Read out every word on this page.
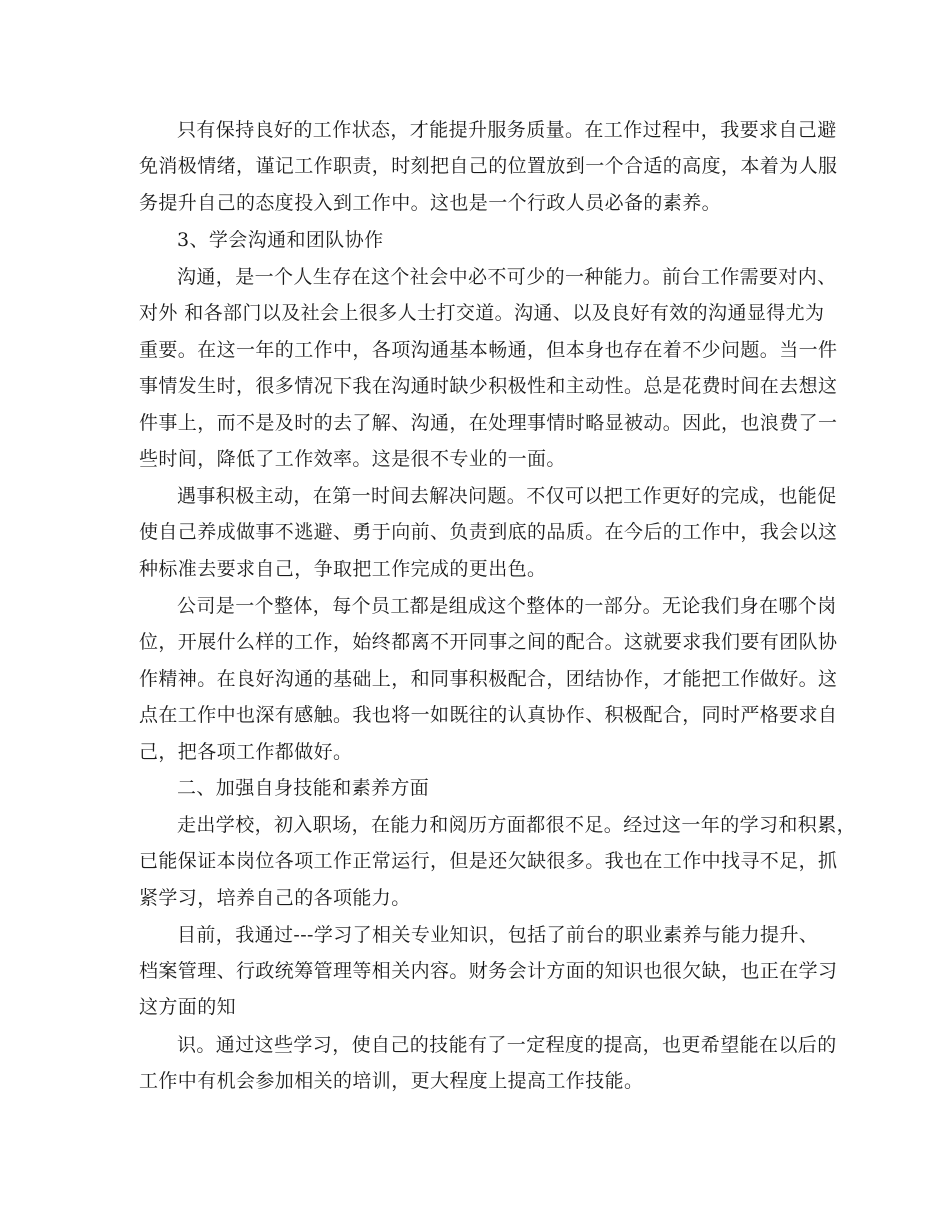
只有保持良好的工作状态，才能提升服务质量。在工作过程中，我要求自己避
免消极情绪，谨记工作职责，时刻把自己的位置放到一个合适的高度，本着为人服
务提升自己的态度投入到工作中。这也是一个行政人员必备的素养。
3、学会沟通和团队协作
沟通，是一个人生存在这个社会中必不可少的一种能力。前台工作需要对内、
对外 和各部门以及社会上很多人士打交道。沟通、以及良好有效的沟通显得尤为
重要。在这一年的工作中，各项沟通基本畅通，但本身也存在着不少问题。当一件
事情发生时，很多情况下我在沟通时缺少积极性和主动性。总是花费时间在去想这
件事上，而不是及时的去了解、沟通，在处理事情时略显被动。因此，也浪费了一
些时间，降低了工作效率。这是很不专业的一面。
遇事积极主动，在第一时间去解决问题。不仅可以把工作更好的完成，也能促
使自己养成做事不逃避、勇于向前、负责到底的品质。在今后的工作中，我会以这
种标准去要求自己，争取把工作完成的更出色。
公司是一个整体，每个员工都是组成这个整体的一部分。无论我们身在哪个岗
位，开展什么样的工作，始终都离不开同事之间的配合。这就要求我们要有团队协
作精神。在良好沟通的基础上，和同事积极配合，团结协作，才能把工作做好。这
点在工作中也深有感触。我也将一如既往的认真协作、积极配合，同时严格要求自
己，把各项工作都做好。
二、加强自身技能和素养方面
走出学校，初入职场，在能力和阅历方面都很不足。经过这一年的学习和积累，
已能保证本岗位各项工作正常运行，但是还欠缺很多。我也在工作中找寻不足，抓
紧学习，培养自己的各项能力。
目前，我通过---学习了相关专业知识，包括了前台的职业素养与能力提升、
档案管理、行政统筹管理等相关内容。财务会计方面的知识也很欠缺，也正在学习
这方面的知
识。通过这些学习，使自己的技能有了一定程度的提高，也更希望能在以后的
工作中有机会参加相关的培训，更大程度上提高工作技能。
